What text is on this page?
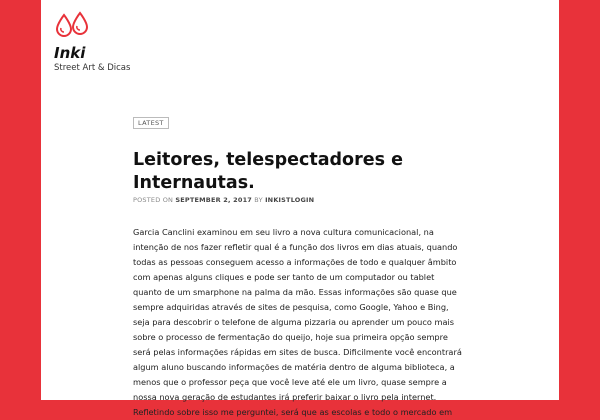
Inki
Street Art & Dicas
LATEST
Leitores, telespectadores e Internautas.
POSTED ON SEPTEMBER 2, 2017 BY INKISTLOGIN

Garcia Canclini examinou em seu livro a nova cultura comunicacional, na intenção de nos fazer refletir qual é a função dos livros em dias atuais, quando todas as pessoas conseguem acesso a informações de todo e qualquer âmbito com apenas alguns cliques e pode ser tanto de um computador ou tablet quanto de um smarphone na palma da mão. Essas informações são quase que sempre adquiridas através de sites de pesquisa, como Google, Yahoo e Bing, seja para descobrir o telefone de alguma pizzaria ou aprender um pouco mais sobre o processo de fermentação do queijo, hoje sua primeira opção sempre será pelas informações rápidas em sites de busca. Dificilmente você encontrará algum aluno buscando informações de matéria dentro de alguma biblioteca, a menos que o professor peça que você leve até ele um livro, quase sempre a nossa nova geração de estudantes irá preferir baixar o livro pela internet. Refletindo sobre isso me perguntei, será que as escolas e todo o mercado em
